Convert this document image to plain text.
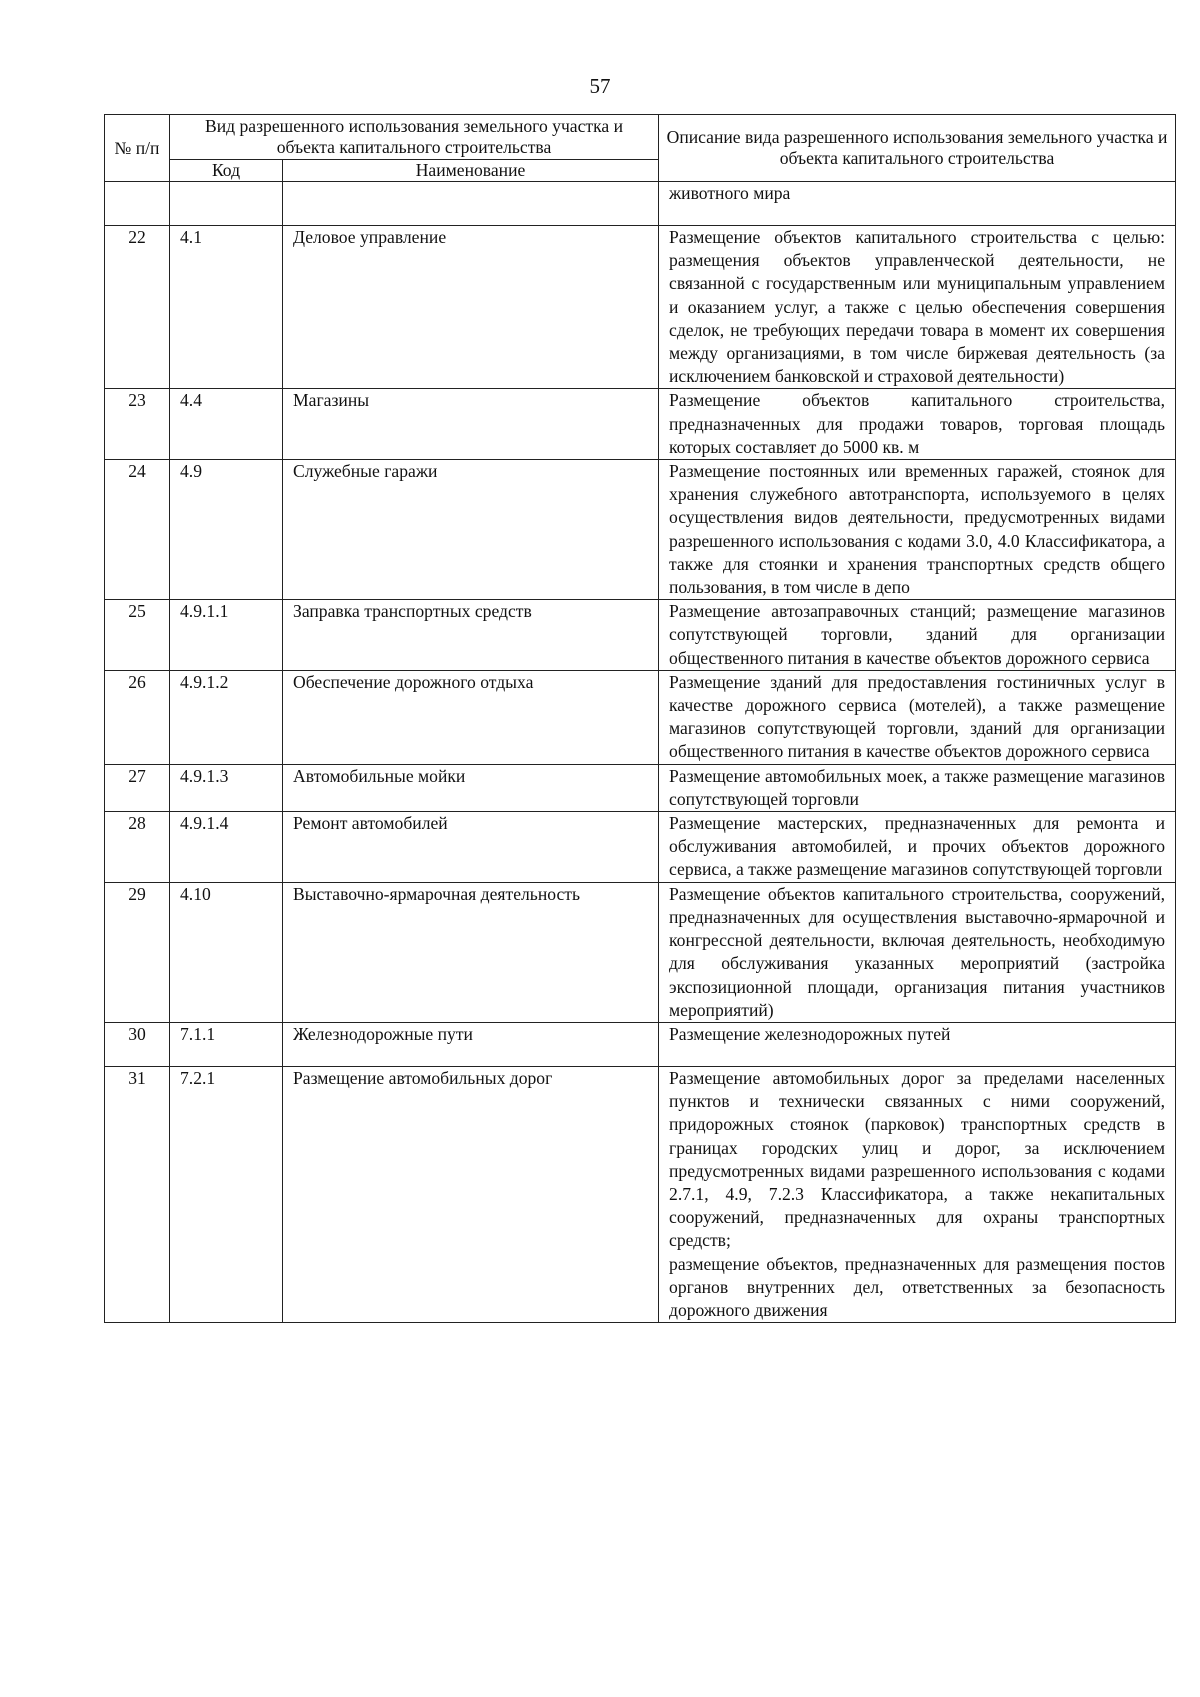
57
№ п/п	Вид разрешенного использования земельного участка и объекта капитального строительства		Описание вида разрешенного использования земельного участка и объекта капитального строительства
	Код	Наименование	
			животного мира
22	4.1	Деловое управление	Размещение объектов капитального строительства с целью: размещения объектов управленческой деятельности, не связанной с государственным или муниципальным управлением и оказанием услуг, а также с целью обеспечения совершения сделок, не требующих передачи товара в момент их совершения между организациями, в том числе биржевая деятельность (за исключением банковской и страховой деятельности)
23	4.4	Магазины	Размещение объектов капитального строительства, предназначенных для продажи товаров, торговая площадь которых составляет до 5000 кв. м
24	4.9	Служебные гаражи	Размещение постоянных или временных гаражей, стоянок для хранения служебного автотранспорта, используемого в целях осуществления видов деятельности, предусмотренных видами разрешенного использования с кодами 3.0, 4.0 Классификатора, а также для стоянки и хранения транспортных средств общего пользования, в том числе в депо
25	4.9.1.1	Заправка транспортных средств	Размещение автозаправочных станций; размещение магазинов сопутствующей торговли, зданий для организации общественного питания в качестве объектов дорожного сервиса
26	4.9.1.2	Обеспечение дорожного отдыха	Размещение зданий для предоставления гостиничных услуг в качестве дорожного сервиса (мотелей), а также размещение магазинов сопутствующей торговли, зданий для организации общественного питания в качестве объектов дорожного сервиса
27	4.9.1.3	Автомобильные мойки	Размещение автомобильных моек, а также размещение магазинов сопутствующей торговли
28	4.9.1.4	Ремонт автомобилей	Размещение мастерских, предназначенных для ремонта и обслуживания автомобилей, и прочих объектов дорожного сервиса, а также размещение магазинов сопутствующей торговли
29	4.10	Выставочно-ярмарочная деятельность	Размещение объектов капитального строительства, сооружений, предназначенных для осуществления выставочно-ярмарочной и конгрессной деятельности, включая деятельность, необходимую для обслуживания указанных мероприятий (застройка экспозиционной площади, организация питания участников мероприятий)
30	7.1.1	Железнодорожные пути	Размещение железнодорожных путей
31	7.2.1	Размещение автомобильных дорог	Размещение автомобильных дорог за пределами населенных пунктов и технически связанных с ними сооружений, придорожных стоянок (парковок) транспортных средств в границах городских улиц и дорог, за исключением предусмотренных видами разрешенного использования с кодами 2.7.1, 4.9, 7.2.3 Классификатора, а также некапитальных сооружений, предназначенных для охраны транспортных средств;
размещение объектов, предназначенных для размещения постов органов внутренних дел, ответственных за безопасность дорожного движения
